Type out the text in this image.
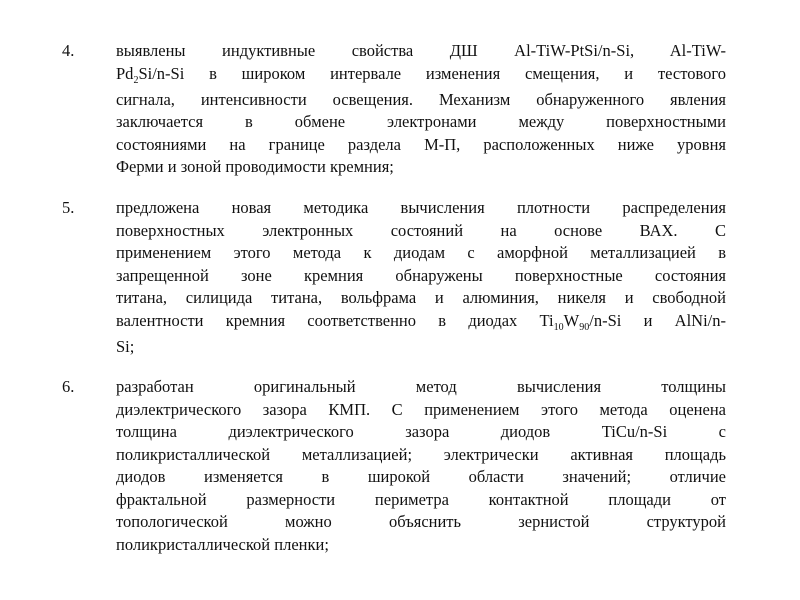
4.	выявлены индуктивные свойства ДШ Al-TiW-PtSi/n-Si, Al-TiW-
$Pd_2Si/n-Si$ в широком интервале изменения смещения, и тестового
сигнала, интенсивности освещения. Механизм обнаруженного явления
заключается в обмене электронами между поверхностными
состояниями на границе раздела М-П, расположенных ниже уровня
Ферми и зоной проводимости кремния;
5.	предложена новая методика вычисления плотности распределения
поверхностных электронных состояний на основе ВАХ. С
применением этого метода к диодам с аморфной металлизацией в
запрещенной зоне кремния обнаружены поверхностные состояния
титана, силицида титана, вольфрама и алюминия, никеля и свободной
валентности кремния соответственно в диодах $Ti_{10}W_{90}/n-Si$ и AlNi/n-
Si;
6.	разработан оригинальный метод вычисления толщины
диэлектрического зазора КМП. С применением этого метода оценена
толщина диэлектрического зазора диодов TiCu/n-Si с
поликристаллической металлизацией; электрически активная площадь
диодов изменяется в широкой области значений; отличие
фрактальной размерности периметра контактной площади от
топологической можно объяснить зернистой структурой
поликристаллической пленки;
